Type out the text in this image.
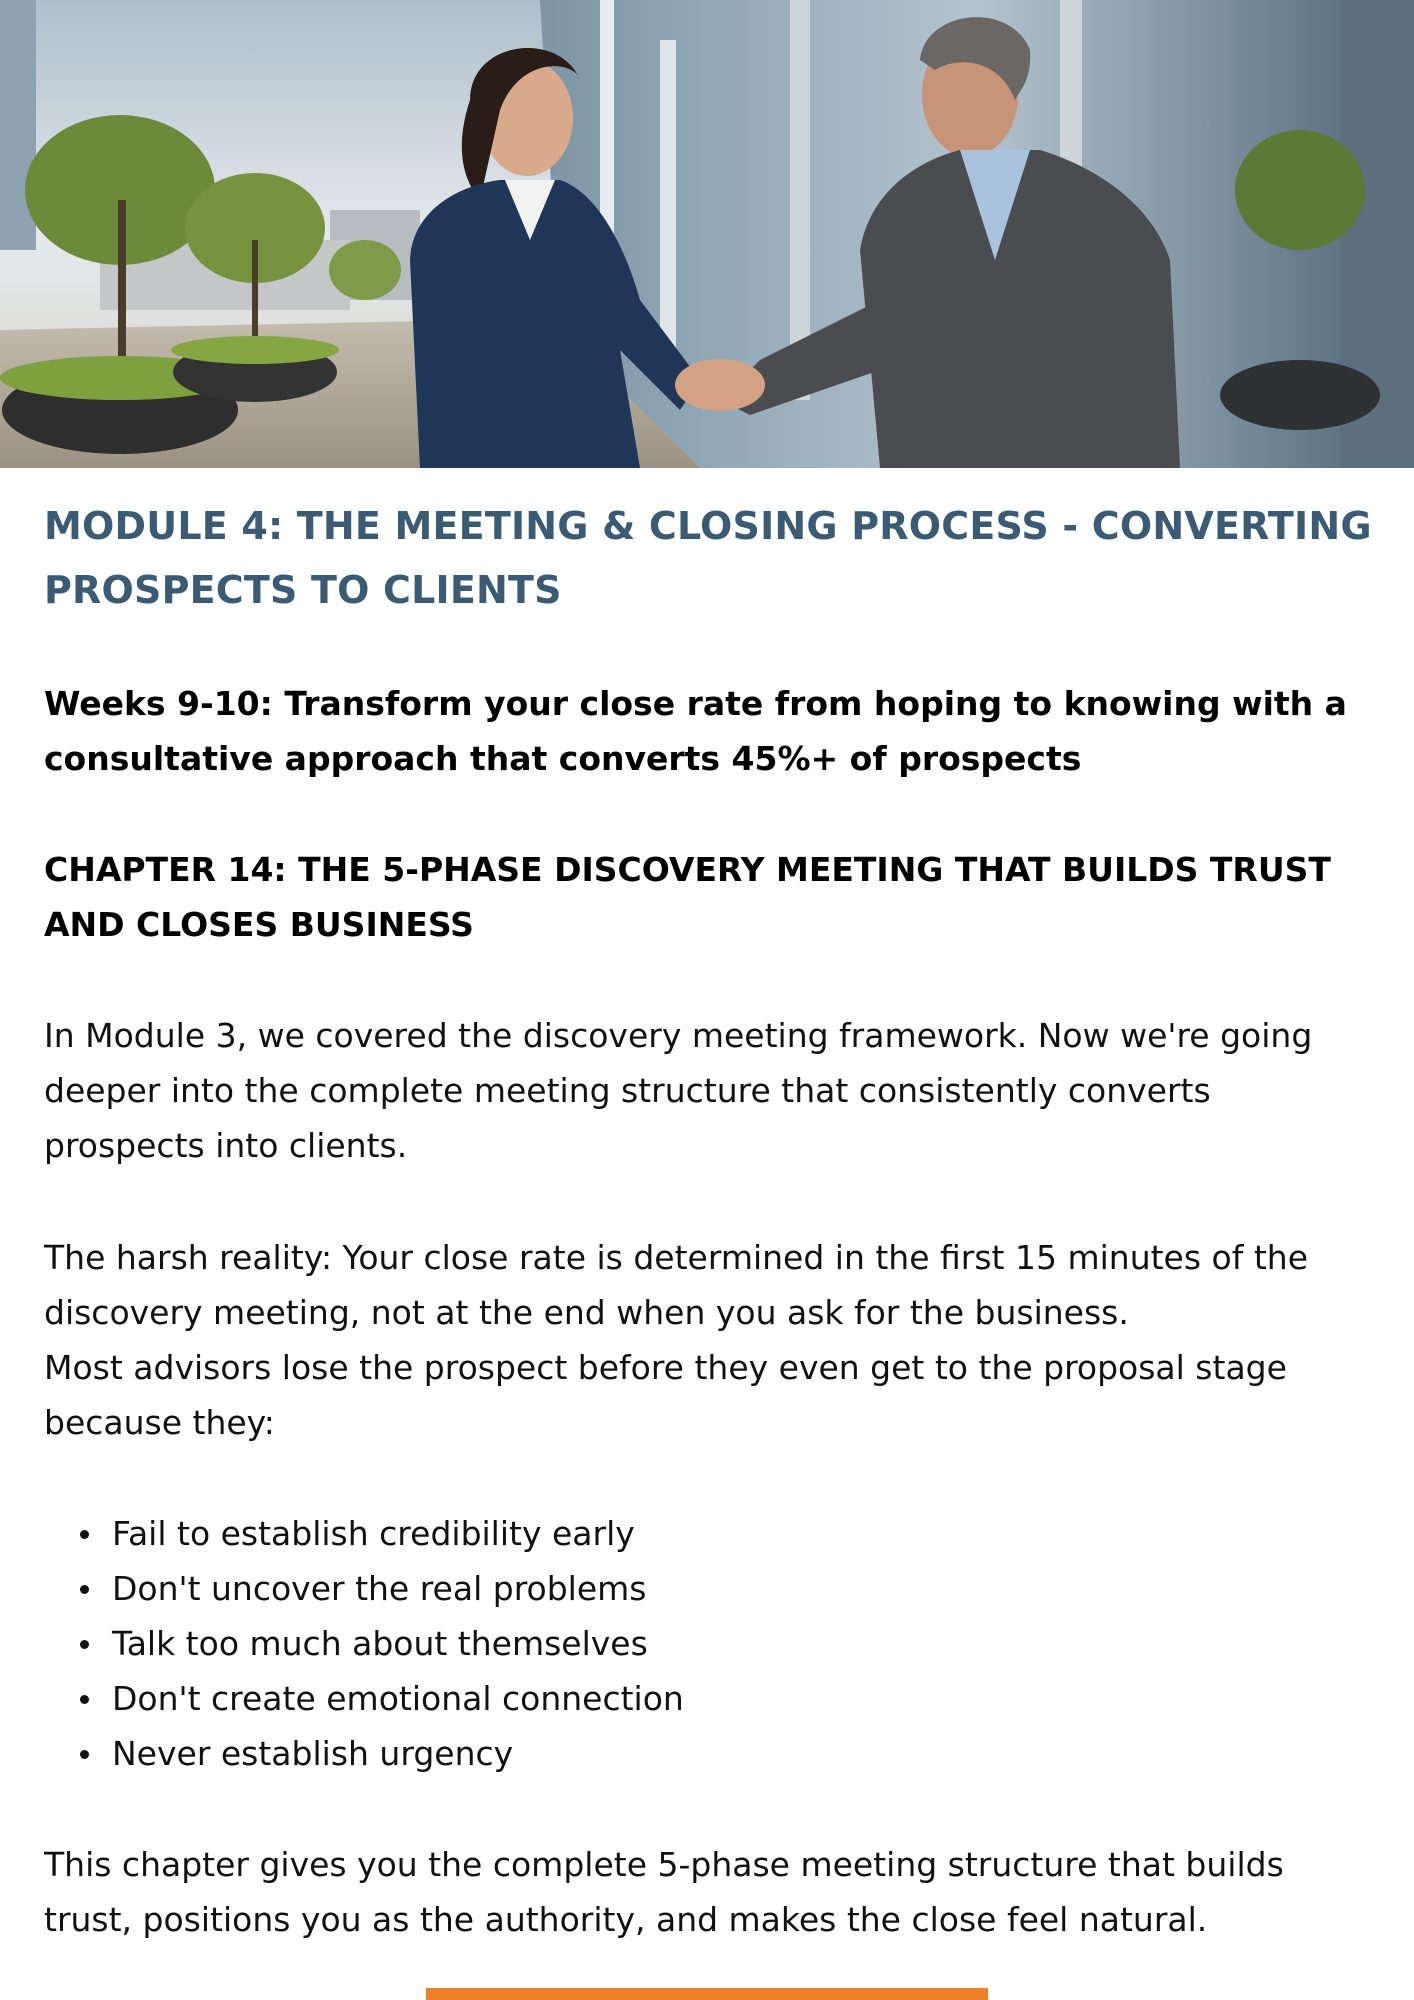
MODULE 4: THE MEETING & CLOSING PROCESS - CONVERTING PROSPECTS TO CLIENTS

Weeks 9-10: Transform your close rate from hoping to knowing with a consultative approach that converts 45%+ of prospects

CHAPTER 14: THE 5-PHASE DISCOVERY MEETING THAT BUILDS TRUST AND CLOSES BUSINESS

In Module 3, we covered the discovery meeting framework. Now we're going deeper into the complete meeting structure that consistently converts prospects into clients.

The harsh reality: Your close rate is determined in the first 15 minutes of the discovery meeting, not at the end when you ask for the business.

Most advisors lose the prospect before they even get to the proposal stage because they:

Fail to establish credibility early
Don't uncover the real problems
Talk too much about themselves
Don't create emotional connection
Never establish urgency

This chapter gives you the complete 5-phase meeting structure that builds trust, positions you as the authority, and makes the close feel natural.
